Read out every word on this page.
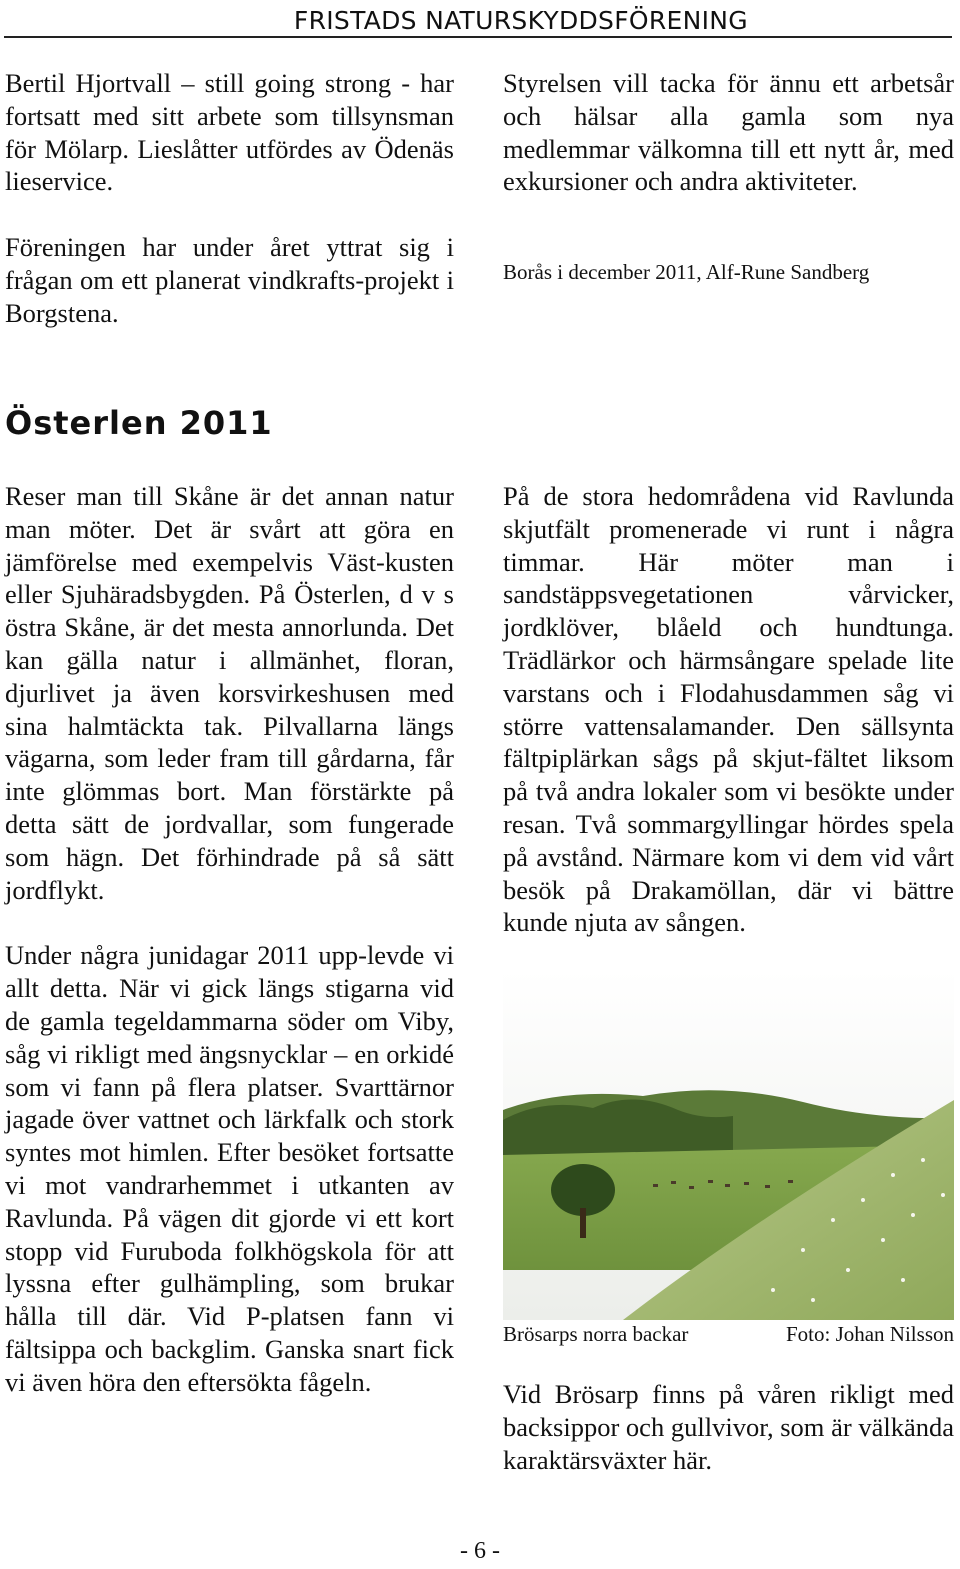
FRISTADS NATURSKYDDSFÖRENING

Bertil Hjortvall – still going strong - har fortsatt med sitt arbete som tillsynsman för Mölarp. Lieslåtter utfördes av Ödenäs lieservice.

Föreningen har under året yttrat sig i frågan om ett planerat vindkrafts-projekt i Borgstena.

Styrelsen vill tacka för ännu ett arbetsår och hälsar alla gamla som nya medlemmar välkomna till ett nytt år, med exkursioner och andra aktiviteter.

Borås i december 2011, Alf-Rune Sandberg

Österlen 2011

Reser man till Skåne är det annan natur man möter. Det är svårt att göra en jämförelse med exempelvis Väst-kusten eller Sjuhäradsbygden. På Österlen, d v s östra Skåne, är det mesta annorlunda. Det kan gälla natur i allmänhet, floran, djurlivet ja även korsvirkeshusen med sina halmtäckta tak. Pilvallarna längs vägarna, som leder fram till gårdarna, får inte glömmas bort. Man förstärkte på detta sätt de jordvallar, som fungerade som hägn. Det förhindrade på så sätt jordflykt.

Under några junidagar 2011 upp-levde vi allt detta. När vi gick längs stigarna vid de gamla tegeldammarna söder om Viby, såg vi rikligt med ängsnycklar – en orkidé som vi fann på flera platser. Svarttärnor jagade över vattnet och lärkfalk och stork syntes mot himlen. Efter besöket fortsatte vi mot vandrarhemmet i utkanten av Ravlunda. På vägen dit gjorde vi ett kort stopp vid Furuboda folkhögskola för att lyssna efter gulhämpling, som brukar hålla till där. Vid P-platsen fann vi fältsippa och backglim. Ganska snart fick vi även höra den eftersökta fågeln.

På de stora hedområdena vid Ravlunda skjutfält promenerade vi runt i några timmar. Här möter man i sandstäppsvegetationen vårvicker, jordklöver, blåeld och hundtunga. Trädlärkor och härmsångare spelade lite varstans och i Flodahusdammen såg vi större vattensalamander. Den sällsynta fältpiplärkan sågs på skjut-fältet liksom på två andra lokaler som vi besökte under resan. Två sommargyllingar hördes spela på avstånd. Närmare kom vi dem vid vårt besök på Drakamöllan, där vi bättre kunde njuta av sången.

Brösarps norra backar	Foto: Johan Nilsson
Vid Brösarp finns på våren rikligt med backsippor och gullvivor, som är välkända karaktärsväxter här.
- 6 -
